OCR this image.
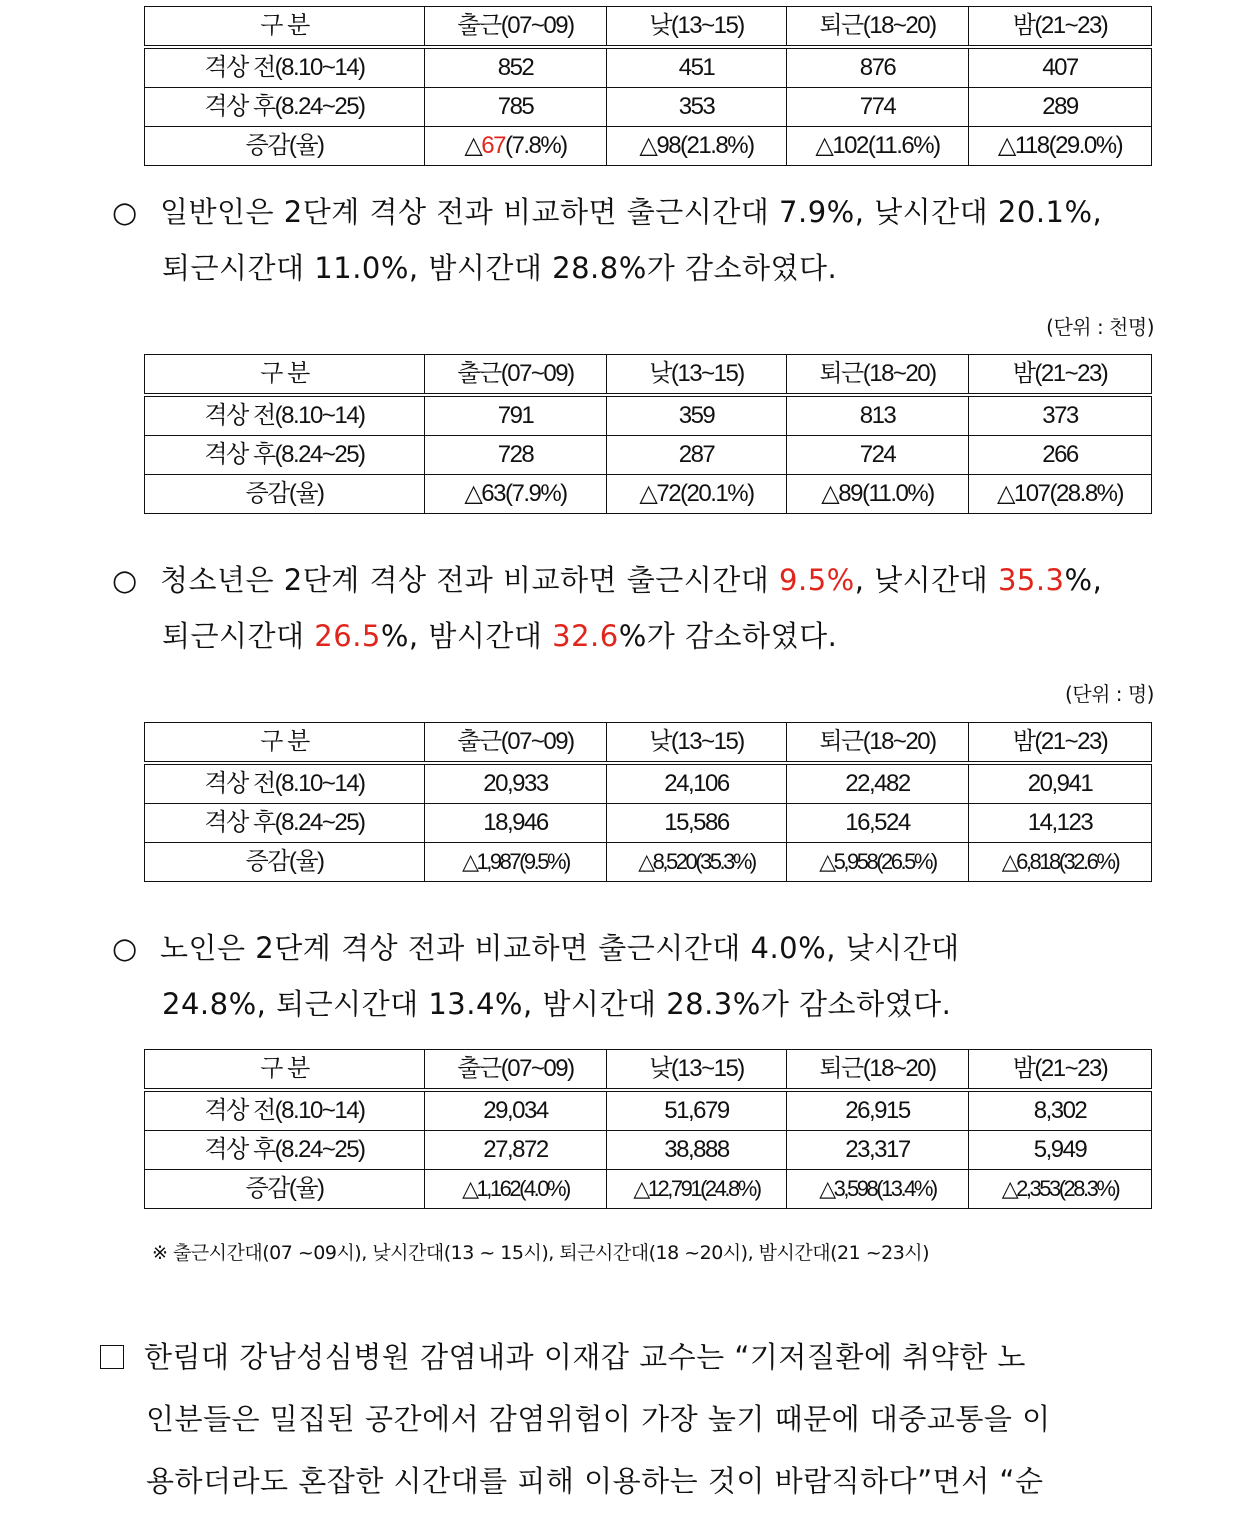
구 분	출근(07~09)	낮(13~15)	퇴근(18~20)	밤(21~23)
격상 전(8.10~14)	852	451	876	407
격상 후(8.24~25)	785	353	774	289
증감(율)	△67(7.8%)	△98(21.8%)	△102(11.6%)	△118(29.0%)
○ 일반인은 2단계 격상 전과 비교하면 출근시간대 7.9%, 낮시간대 20.1%,
퇴근시간대 11.0%, 밤시간대 28.8%가 감소하였다.
(단위 : 천명)
구 분	출근(07~09)	낮(13~15)	퇴근(18~20)	밤(21~23)
격상 전(8.10~14)	791	359	813	373
격상 후(8.24~25)	728	287	724	266
증감(율)	△63(7.9%)	△72(20.1%)	△89(11.0%)	△107(28.8%)
○ 청소년은 2단계 격상 전과 비교하면 출근시간대 9.5%, 낮시간대 35.3%,
퇴근시간대 26.5%, 밤시간대 32.6%가 감소하였다.
(단위 : 명)
구 분	출근(07~09)	낮(13~15)	퇴근(18~20)	밤(21~23)
격상 전(8.10~14)	20,933	24,106	22,482	20,941
격상 후(8.24~25)	18,946	15,586	16,524	14,123
증감(율)	△1,987(9.5%)	△8,520(35.3%)	△5,958(26.5%)	△6,818(32.6%)
○ 노인은 2단계 격상 전과 비교하면 출근시간대 4.0%, 낮시간대
24.8%, 퇴근시간대 13.4%, 밤시간대 28.3%가 감소하였다.
구 분	출근(07~09)	낮(13~15)	퇴근(18~20)	밤(21~23)
격상 전(8.10~14)	29,034	51,679	26,915	8,302
격상 후(8.24~25)	27,872	38,888	23,317	5,949
증감(율)	△1,162(4.0%)	△12,791(24.8%)	△3,598(13.4%)	△2,353(28.3%)
※ 출근시간대(07 ~09시), 낮시간대(13 ~ 15시), 퇴근시간대(18 ~20시), 밤시간대(21 ~23시)
한림대 강남성심병원 감염내과 이재갑 교수는 “기저질환에 취약한 노
인분들은 밀집된 공간에서 감염위험이 가장 높기 때문에 대중교통을 이
용하더라도 혼잡한 시간대를 피해 이용하는 것이 바람직하다”면서 “순
